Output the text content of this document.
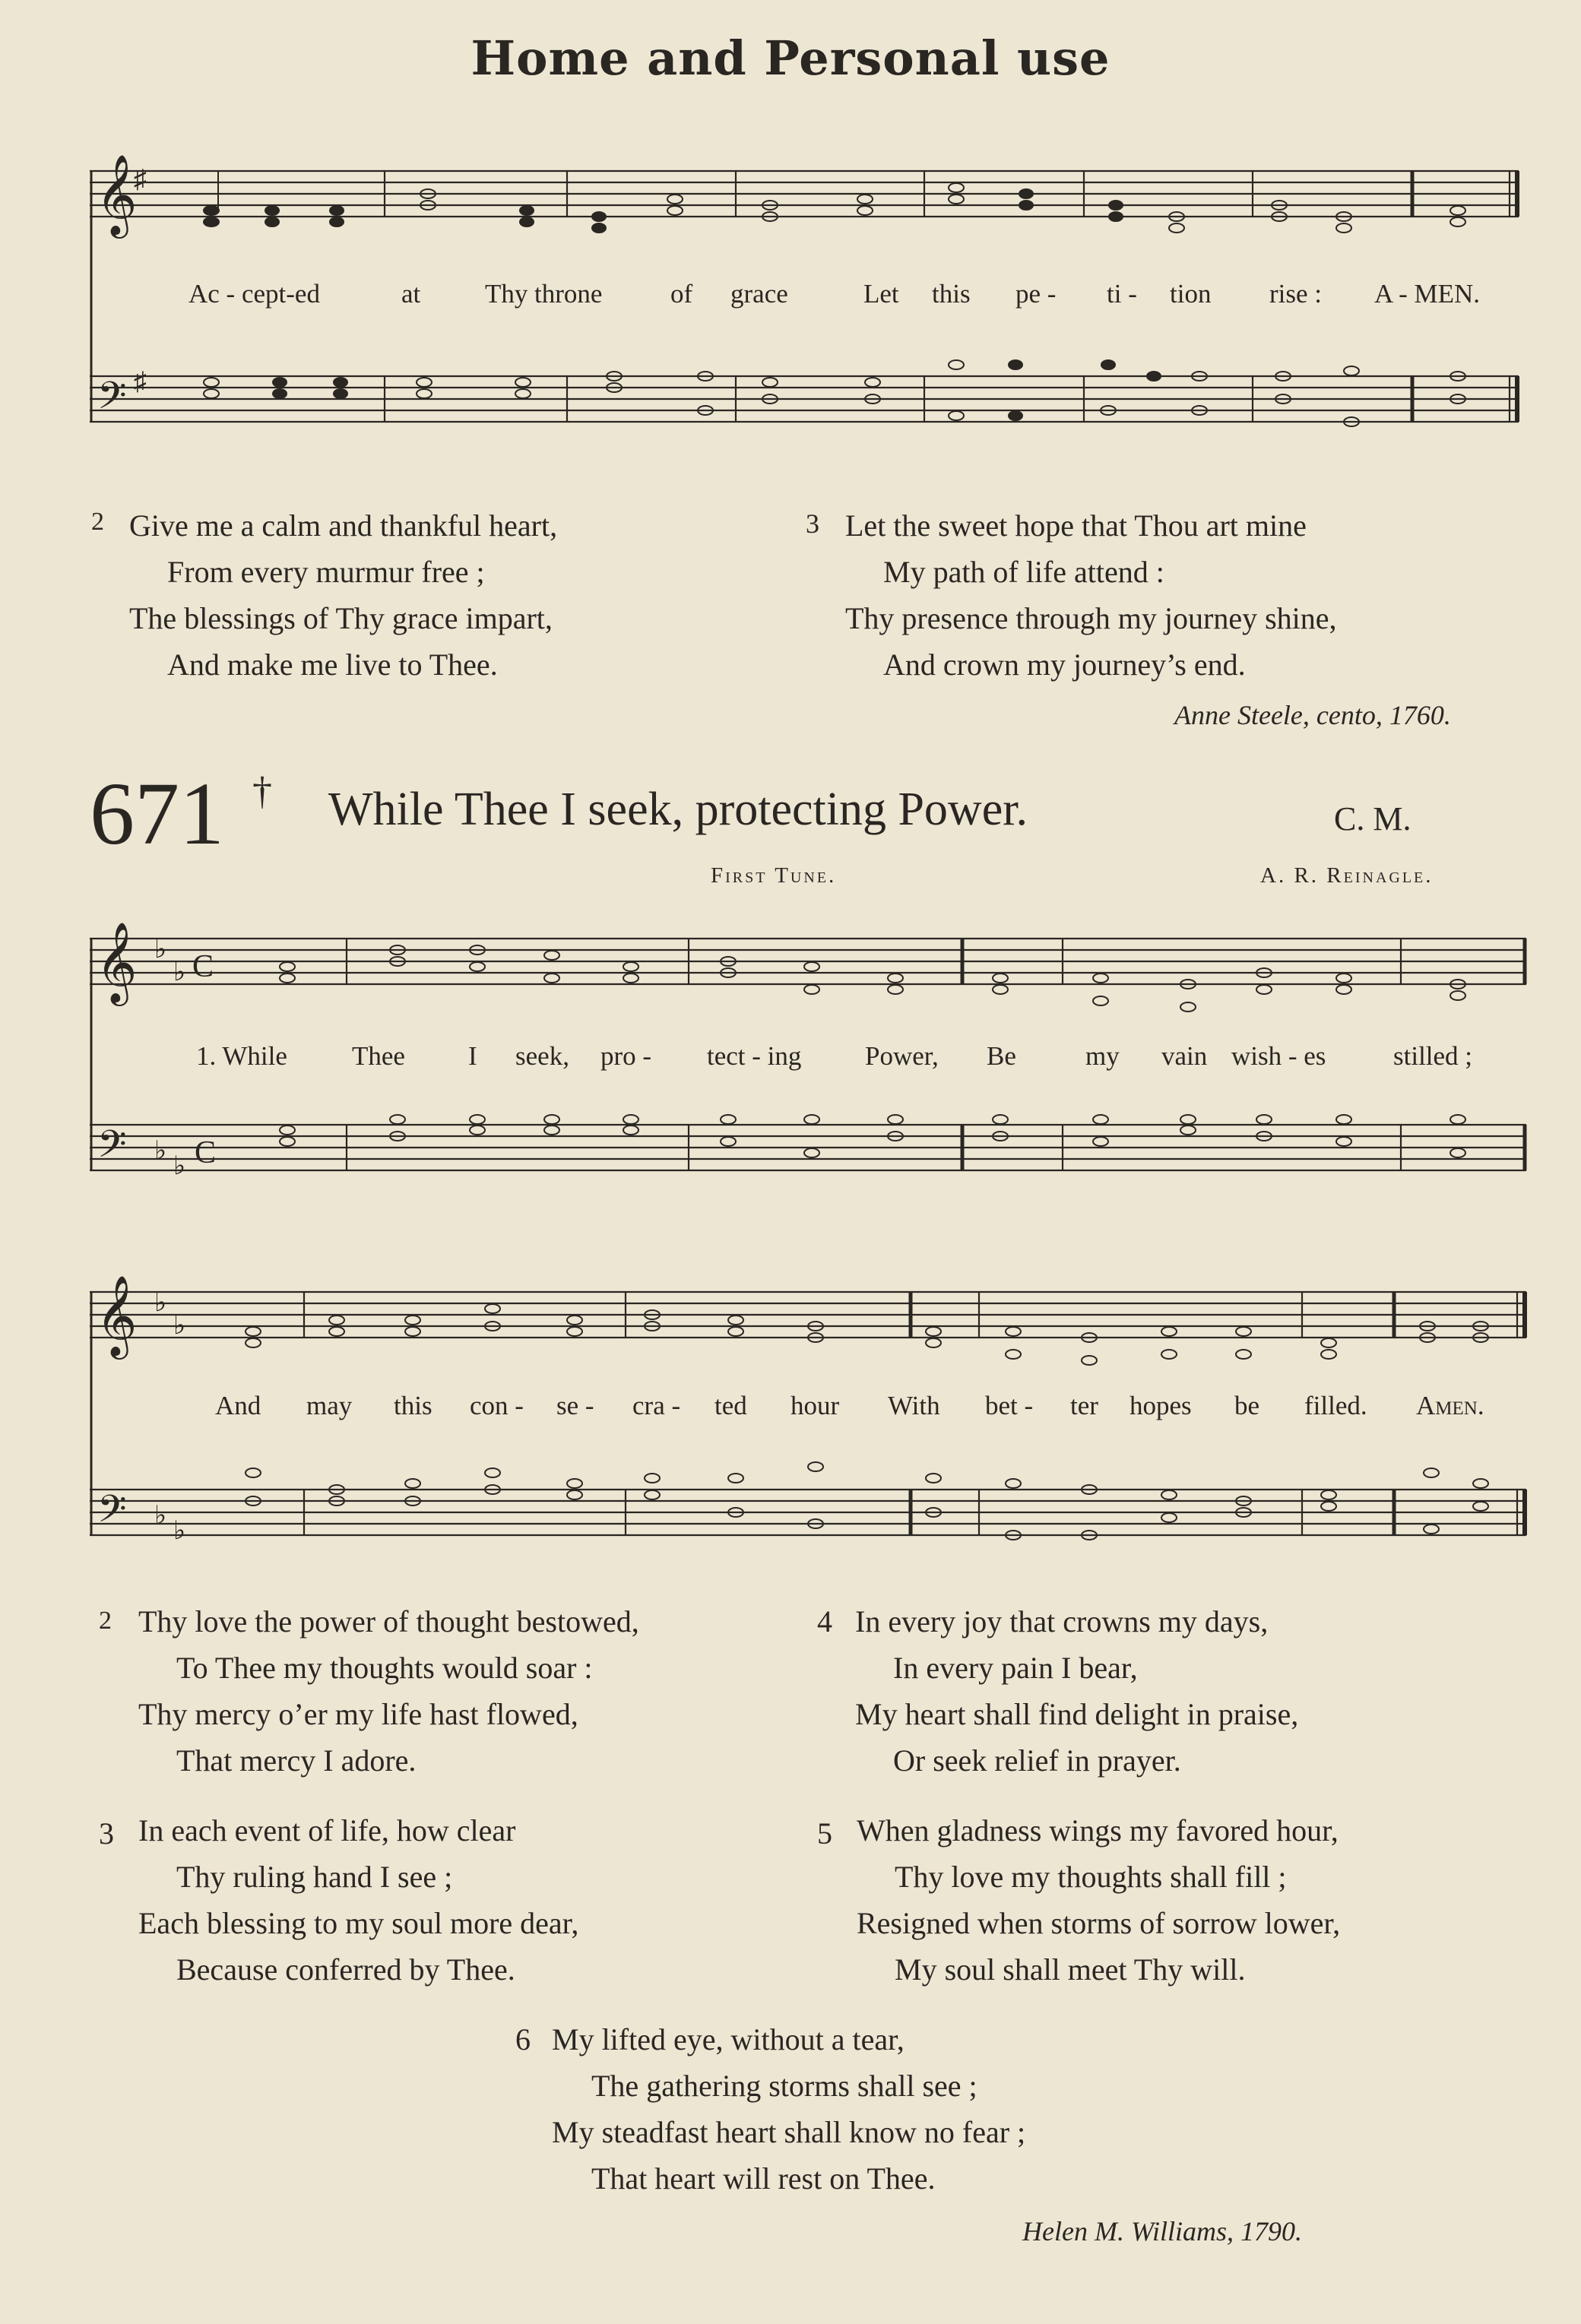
Home and Personal use
𝄞
𝄢
♯
♯
Ac - cept-ed	at Thy throne	of grace	Let this pe - ti - tion rise : A - MEN.
2 Give me a calm and thankful heart,
From every murmur free ;
The blessings of Thy grace impart,
And make me live to Thee.
3 Let the sweet hope that Thou art mine
My path of life attend :
Thy presence through my journey shine,
And crown my journey’s end.
Anne Steele, cento, 1760.
671 † While Thee I seek, protecting Power.	C. M.
First Tune.	A. R. Reinagle.
𝄞
𝄢
♭
♭
♭
♭
C
C
1. While Thee I seek, pro - tect - ing Power, Be	my vain wish - es	stilled ;
𝄞
𝄢
♭
♭
♭
♭
And may this con - se - cra - ted hour With bet - ter hopes be filled. Amen.
2 Thy love the power of thought bestowed,
To Thee my thoughts would soar :
Thy mercy o’er my life hast flowed,
That mercy I adore.
4 In every joy that crowns my days,
In every pain I bear,
My heart shall find delight in praise,
Or seek relief in prayer.
3 In each event of life, how clear
Thy ruling hand I see ;
Each blessing to my soul more dear,
Because conferred by Thee.
5 When gladness wings my favored hour,
Thy love my thoughts shall fill ;
Resigned when storms of sorrow lower,
My soul shall meet Thy will.
6 My lifted eye, without a tear,
The gathering storms shall see ;
My steadfast heart shall know no fear ;
That heart will rest on Thee.
Helen M. Williams, 1790.
